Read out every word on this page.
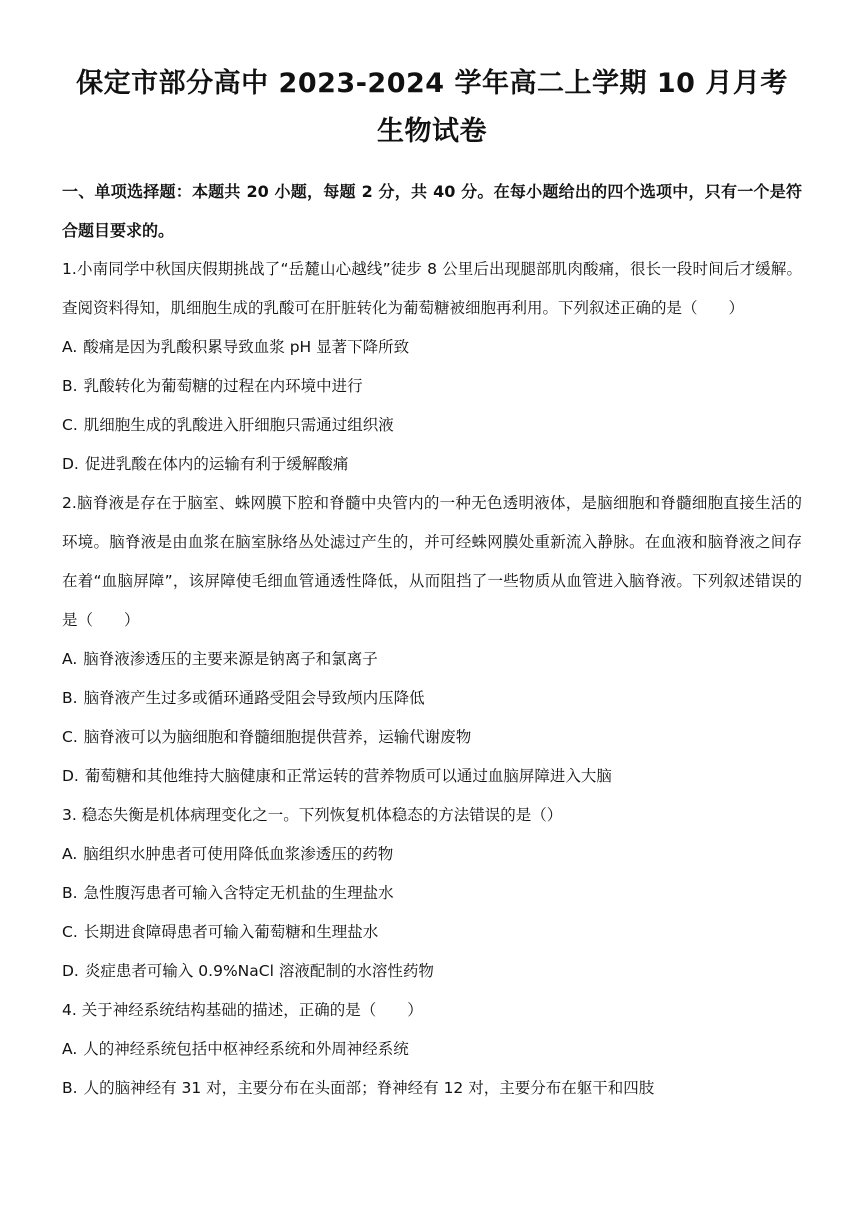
保定市部分高中 2023-2024 学年高二上学期 10 月月考
生物试卷

一、单项选择题：本题共 20 小题，每题 2 分，共 40 分。在每小题给出的四个选项中，只有一个是符合题目要求的。

1.小南同学中秋国庆假期挑战了“岳麓山心越线”徒步 8 公里后出现腿部肌肉酸痛，很长一段时间后才缓解。查阅资料得知，肌细胞生成的乳酸可在肝脏转化为葡萄糖被细胞再利用。下列叙述正确的是（　　）

A. 酸痛是因为乳酸积累导致血浆 pH 显著下降所致

B. 乳酸转化为葡萄糖的过程在内环境中进行

C. 肌细胞生成的乳酸进入肝细胞只需通过组织液

D. 促进乳酸在体内的运输有利于缓解酸痛

2.脑脊液是存在于脑室、蛛网膜下腔和脊髓中央管内的一种无色透明液体，是脑细胞和脊髓细胞直接生活的环境。脑脊液是由血浆在脑室脉络丛处滤过产生的，并可经蛛网膜处重新流入静脉。在血液和脑脊液之间存在着“血脑屏障”，该屏障使毛细血管通透性降低，从而阻挡了一些物质从血管进入脑脊液。下列叙述错误的是（　　）

A. 脑脊液渗透压的主要来源是钠离子和氯离子

B. 脑脊液产生过多或循环通路受阻会导致颅内压降低

C. 脑脊液可以为脑细胞和脊髓细胞提供营养，运输代谢废物

D. 葡萄糖和其他维持大脑健康和正常运转的营养物质可以通过血脑屏障进入大脑

3. 稳态失衡是机体病理变化之一。下列恢复机体稳态的方法错误的是（）

A. 脑组织水肿患者可使用降低血浆渗透压的药物

B. 急性腹泻患者可输入含特定无机盐的生理盐水

C. 长期进食障碍患者可输入葡萄糖和生理盐水

D. 炎症患者可输入 0.9%NaCl 溶液配制的水溶性药物

4. 关于神经系统结构基础的描述，正确的是（　　）

A. 人的神经系统包括中枢神经系统和外周神经系统

B. 人的脑神经有 31 对，主要分布在头面部；脊神经有 12 对，主要分布在躯干和四肢
